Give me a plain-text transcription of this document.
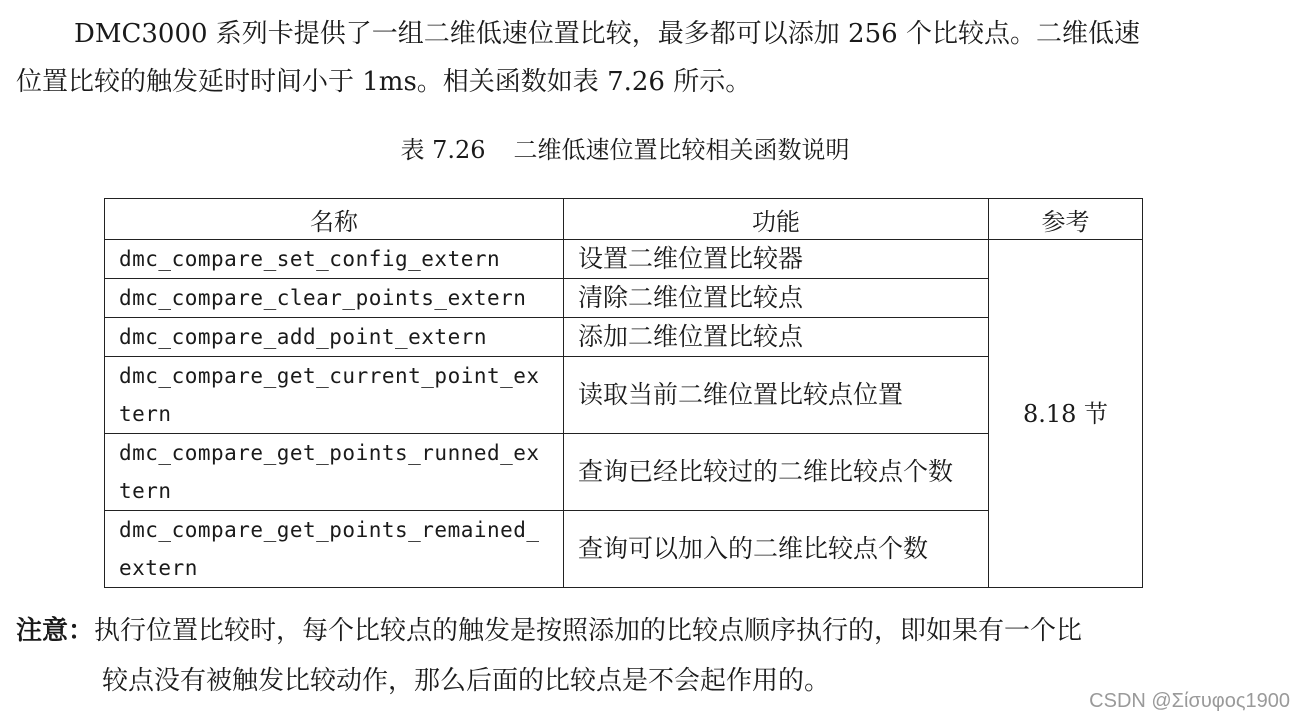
DMC3000 系列卡提供了一组二维低速位置比较，最多都可以添加 256 个比较点。二维低速
位置比较的触发延时时间小于 1ms。相关函数如表 7.26 所示。

表 7.26 二维低速位置比较相关函数说明
名称	功能	参考
dmc_compare_set_config_extern	设置二维位置比较器	8.18 节
dmc_compare_clear_points_extern	清除二维位置比较点	
dmc_compare_add_point_extern	添加二维位置比较点	
dmc_compare_get_current_point_extern	读取当前二维位置比较点位置	
dmc_compare_get_points_runned_extern	查询已经比较过的二维比较点个数	
dmc_compare_get_points_remained_extern	查询可以加入的二维比较点个数	
注意：执行位置比较时，每个比较点的触发是按照添加的比较点顺序执行的，即如果有一个比
较点没有被触发比较动作，那么后面的比较点是不会起作用的。
CSDN @Σίσυφος1900
